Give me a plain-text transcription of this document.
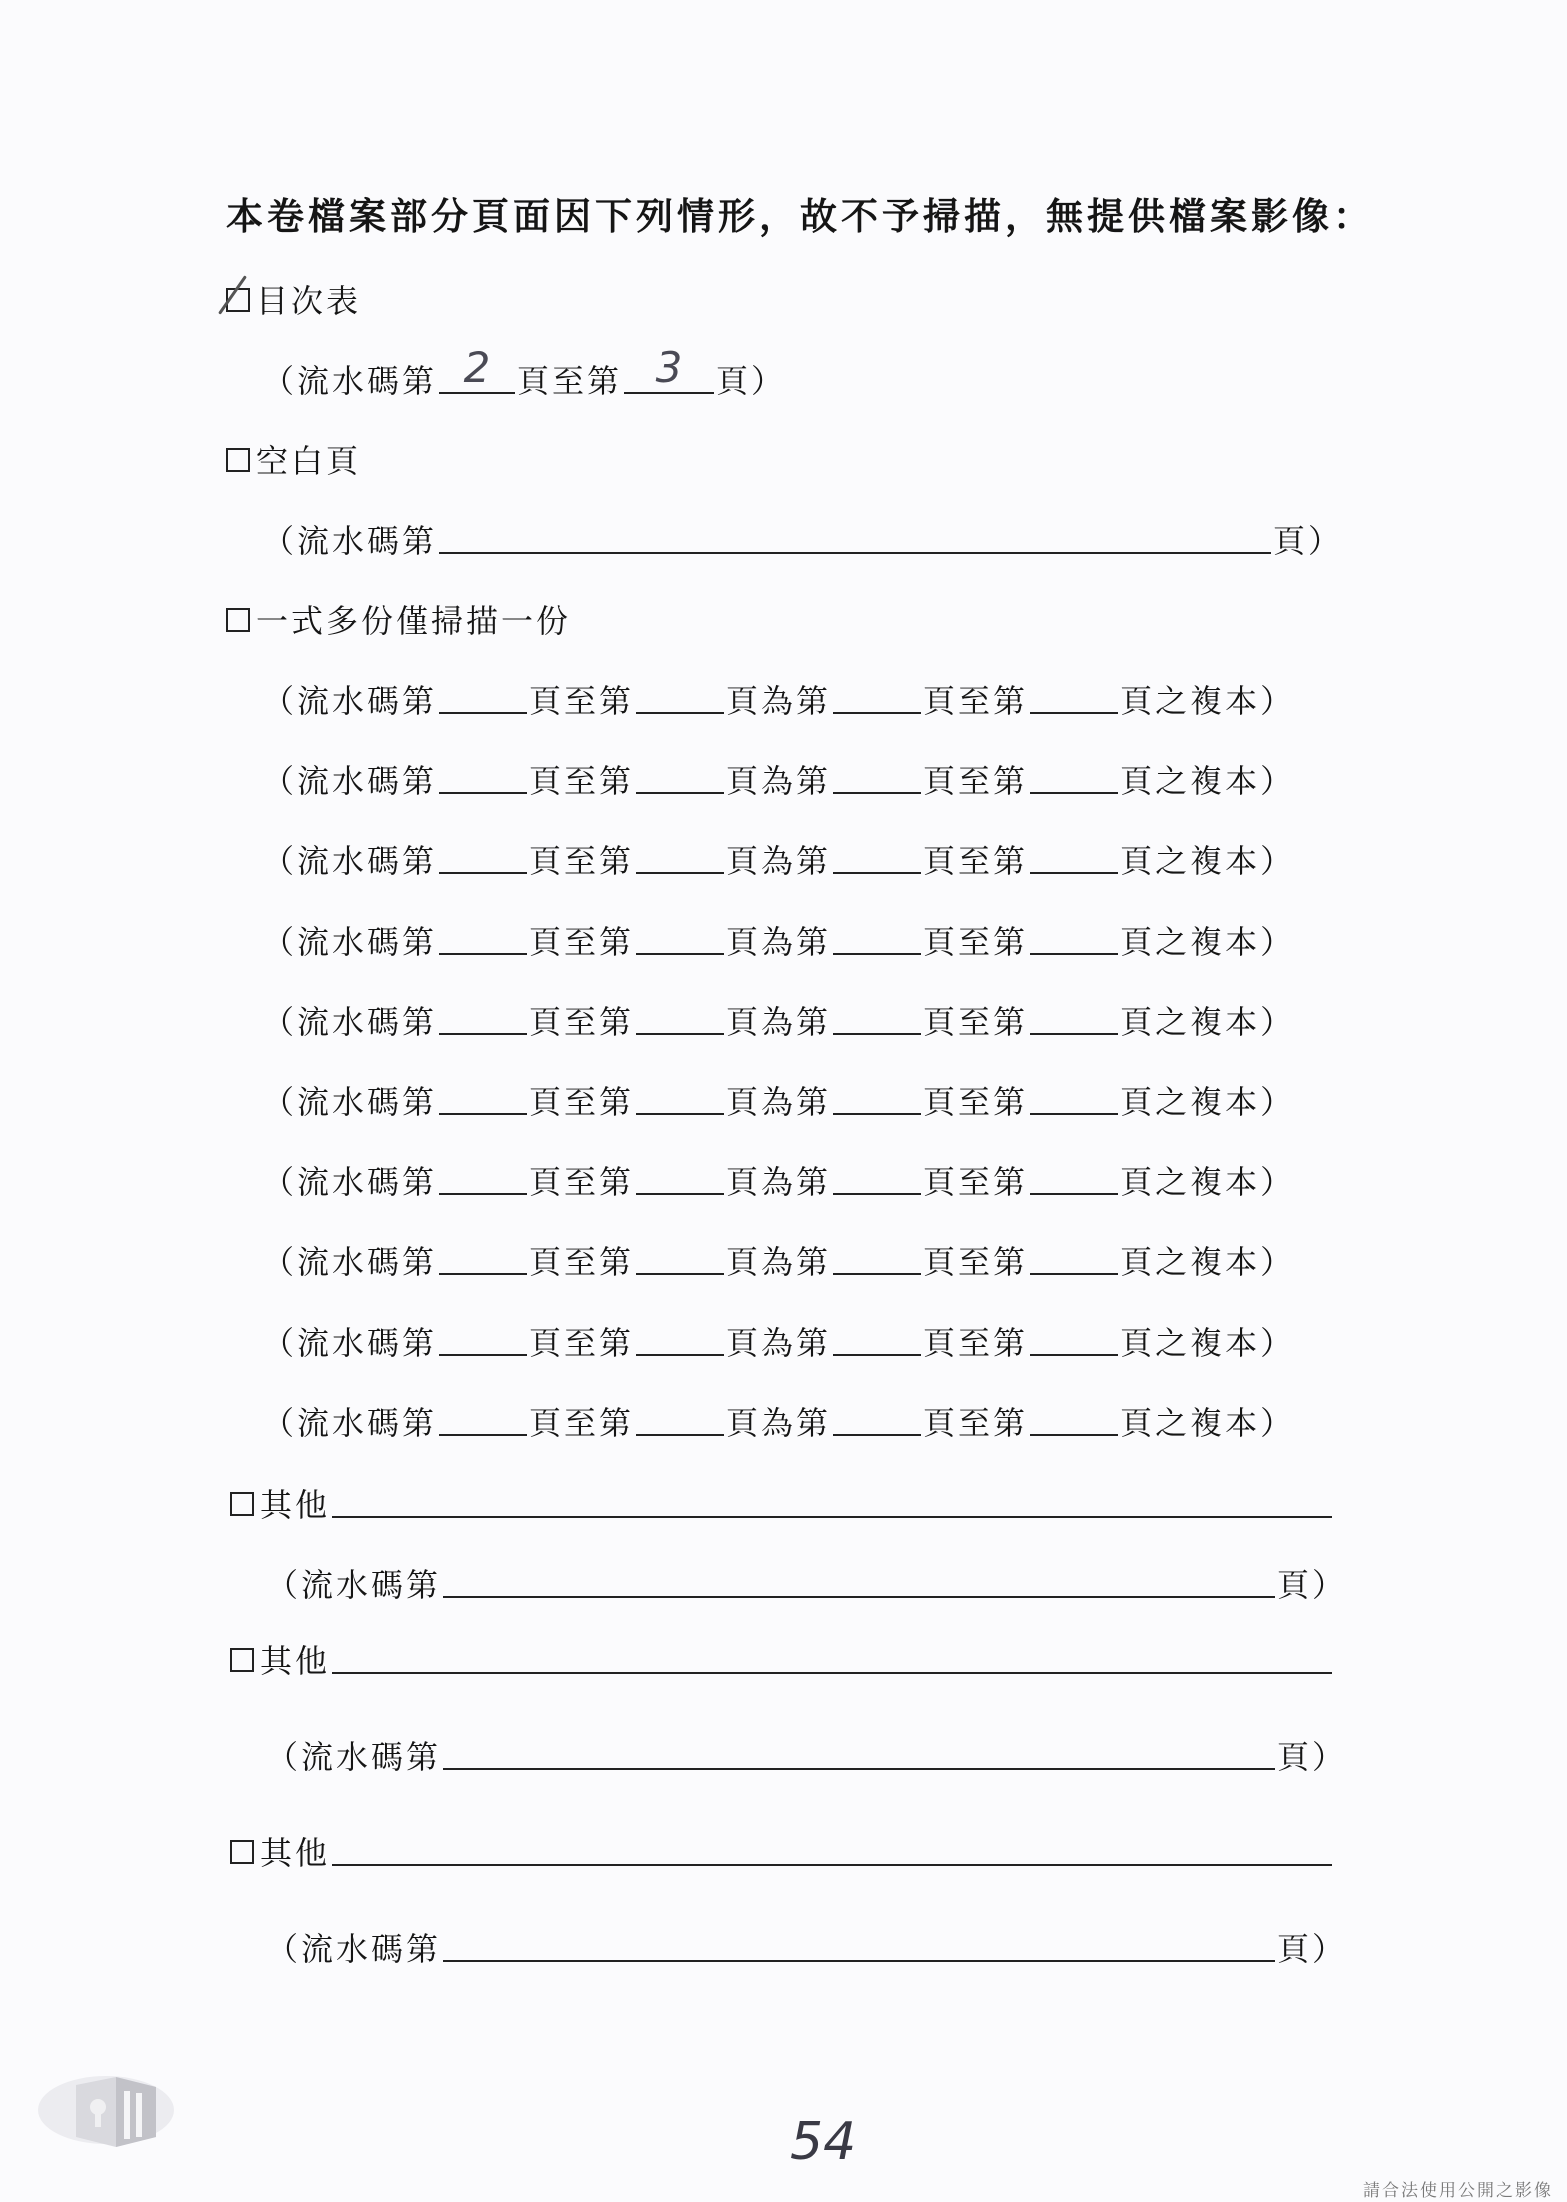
本卷檔案部分頁面因下列情形，故不予掃描，無提供檔案影像：
目次表
（流水碼第 2 頁至第 3	頁）
空白頁
（流水碼第	頁）
一式多份僅掃描一份
（流水碼第	頁至第	頁為第	頁至第	頁之複本）
（流水碼第	頁至第	頁為第	頁至第	頁之複本）
（流水碼第	頁至第	頁為第	頁至第	頁之複本）
（流水碼第	頁至第	頁為第	頁至第	頁之複本）
（流水碼第	頁至第	頁為第	頁至第	頁之複本）
（流水碼第	頁至第	頁為第	頁至第	頁之複本）
（流水碼第	頁至第	頁為第	頁至第	頁之複本）
（流水碼第	頁至第	頁為第	頁至第	頁之複本）
（流水碼第	頁至第	頁為第	頁至第	頁之複本）
（流水碼第	頁至第	頁為第	頁至第	頁之複本）
其他
（流水碼第	頁）
其他
（流水碼第	頁）
其他
（流水碼第	頁）
54
請合法使用公開之影像
